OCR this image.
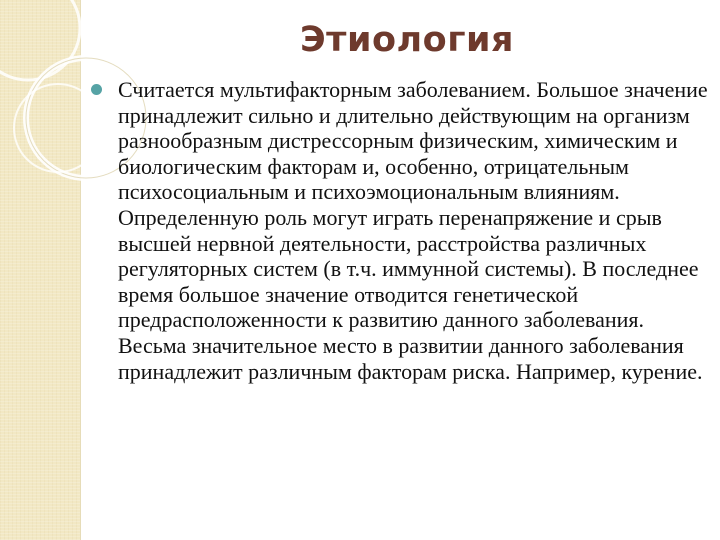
Этиология

Считается мультифакторным заболеванием. Большое значение принадлежит сильно и длительно действующим на организм разнообразным дистрессорным физическим, химическим и биологическим факторам и, особенно, отрицательным психосоциальным и психоэмоциональным влияниям. Определенную роль могут играть перенапряжение и срыв высшей нервной деятельности, расстройства различных регуляторных систем (в т.ч. иммунной системы). В последнее время большое значение отводится генетической предрасположенности к развитию данного заболевания. Весьма значительное место в развитии данного заболевания принадлежит различным факторам риска. Например, курение.
